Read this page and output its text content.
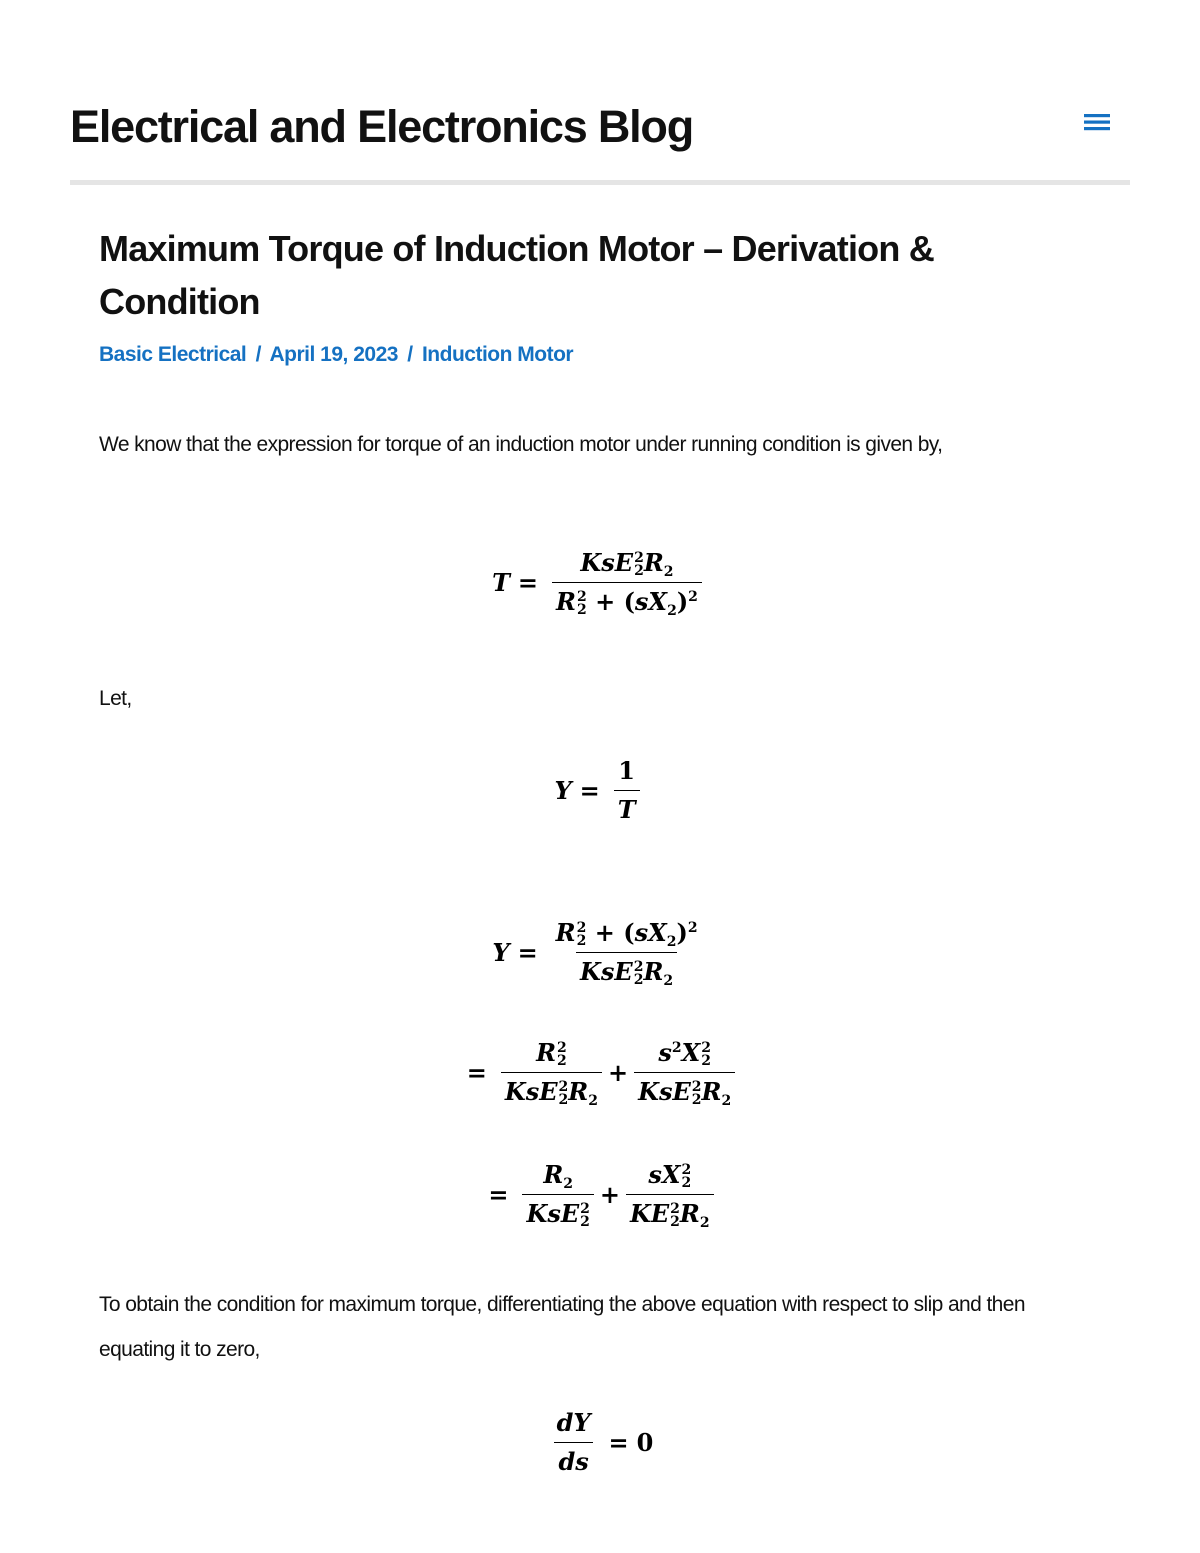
Electrical and Electronics Blog
Maximum Torque of Induction Motor – Derivation & Condition
Basic Electrical / April 19, 2023 / Induction Motor

We know that the expression for torque of an induction motor under running condition is given by,

T = KsE 2
2 $R_2$
R 2
$2 + (sX_2)^2$

Let,

$Y = \frac{1}{T}$
Y = R 2
$2 + (sX_2)^2$
KsE 2
2 $R_2$
= R 2
2
KsE 2
2 $R_2 + s^2X$ 2
2
KsE 2
2 $R_2$
= $R_2$
KsE 2
2 + sX 2
2
KE 2
2 $R_2$

To obtain the condition for maximum torque, differentiating the above equation with respect to slip and then equating it to zero,

$\frac{dY}{ds} = 0$
